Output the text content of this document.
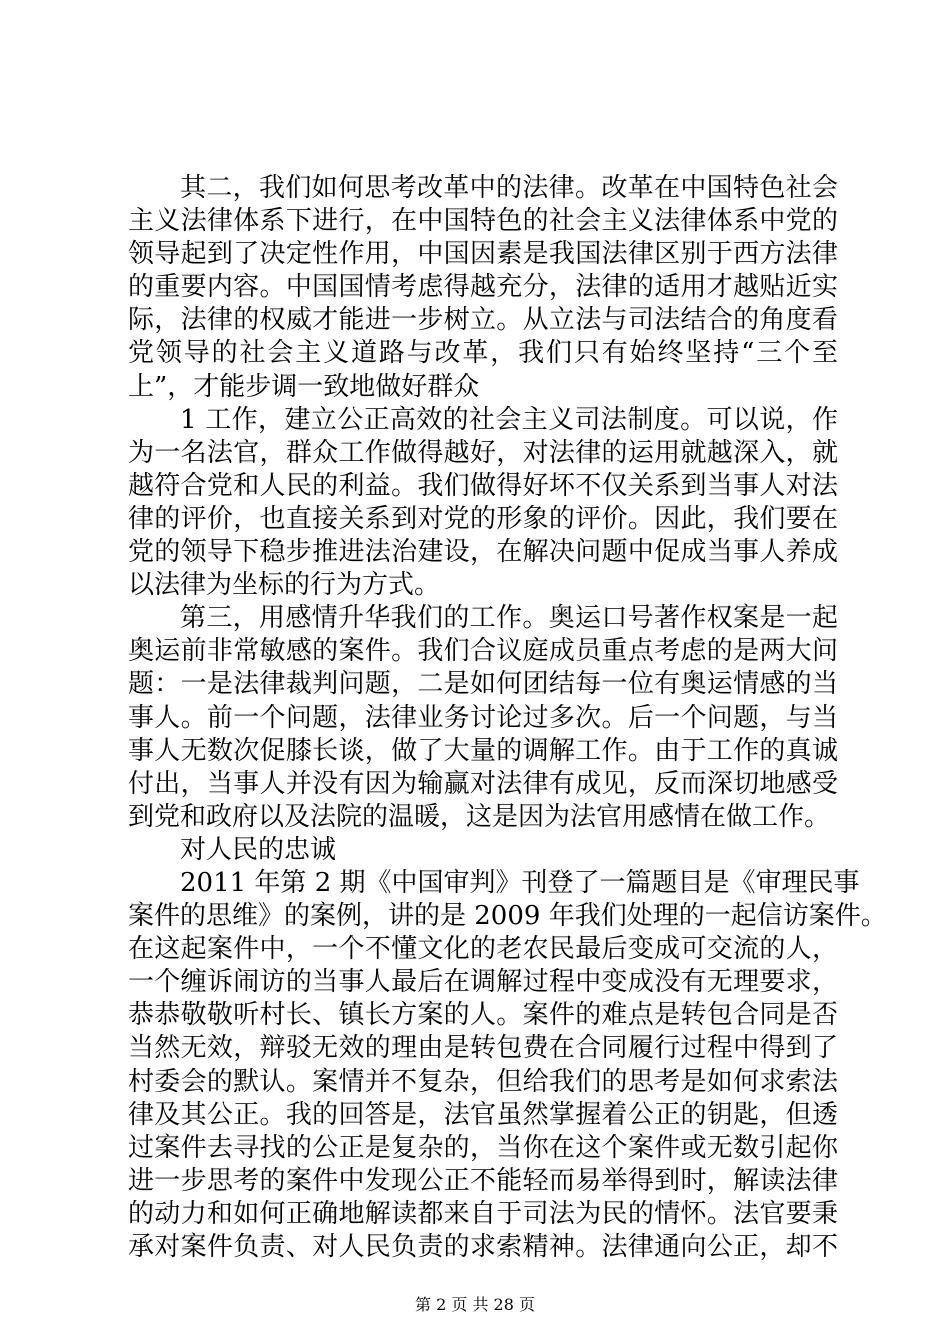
其二，我们如何思考改革中的法律。改革在中国特色社会
主义法律体系下进行，在中国特色的社会主义法律体系中党的
领导起到了决定性作用，中国因素是我国法律区别于西方法律
的重要内容。中国国情考虑得越充分，法律的适用才越贴近实
际，法律的权威才能进一步树立。从立法与司法结合的角度看
党领导的社会主义道路与改革，我们只有始终坚持“三个至
上”，才能步调一致地做好群众
1 工作，建立公正高效的社会主义司法制度。可以说，作
为一名法官，群众工作做得越好，对法律的运用就越深入，就
越符合党和人民的利益。我们做得好坏不仅关系到当事人对法
律的评价，也直接关系到对党的形象的评价。因此，我们要在
党的领导下稳步推进法治建设，在解决问题中促成当事人养成
以法律为坐标的行为方式。
第三，用感情升华我们的工作。奥运口号著作权案是一起
奥运前非常敏感的案件。我们合议庭成员重点考虑的是两大问
题：一是法律裁判问题，二是如何团结每一位有奥运情感的当
事人。前一个问题，法律业务讨论过多次。后一个问题，与当
事人无数次促膝长谈，做了大量的调解工作。由于工作的真诚
付出，当事人并没有因为输赢对法律有成见，反而深切地感受
到党和政府以及法院的温暖，这是因为法官用感情在做工作。
对人民的忠诚
2011 年第 2 期《中国审判》刊登了一篇题目是《审理民事
案件的思维》的案例，讲的是 2009 年我们处理的一起信访案件。
在这起案件中，一个不懂文化的老农民最后变成可交流的人，
一个缠诉闹访的当事人最后在调解过程中变成没有无理要求，
恭恭敬敬听村长、镇长方案的人。案件的难点是转包合同是否
当然无效，辩驳无效的理由是转包费在合同履行过程中得到了
村委会的默认。案情并不复杂，但给我们的思考是如何求索法
律及其公正。我的回答是，法官虽然掌握着公正的钥匙，但透
过案件去寻找的公正是复杂的，当你在这个案件或无数引起你
进一步思考的案件中发现公正不能轻而易举得到时，解读法律
的动力和如何正确地解读都来自于司法为民的情怀。法官要秉
承对案件负责、对人民负责的求索精神。法律通向公正，却不
第 2 页 共 28 页
